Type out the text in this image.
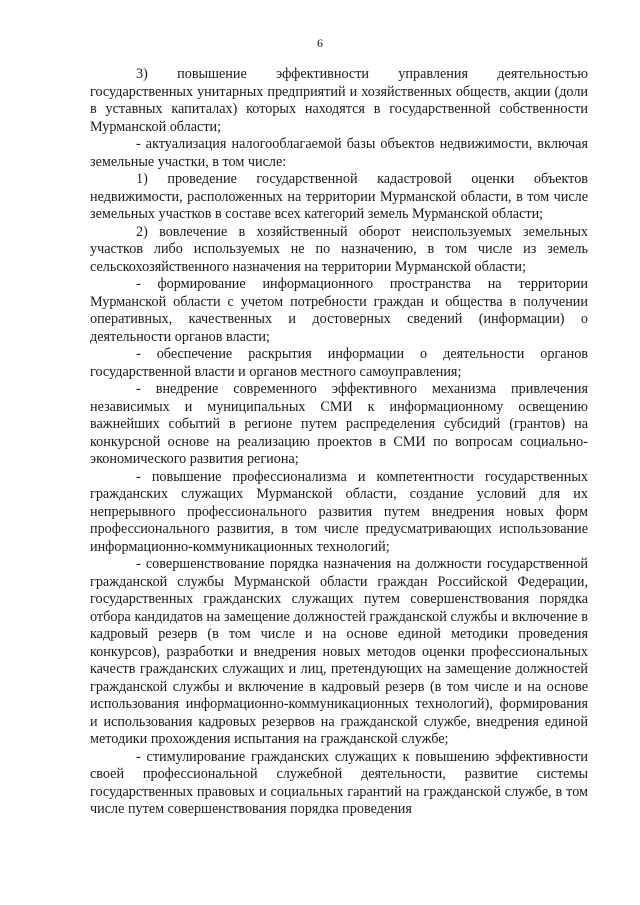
6

3) повышение эффективности управления деятельностью государственных унитарных предприятий и хозяйственных обществ, акции (доли в уставных капиталах) которых находятся в государственной собственности Мурманской области;

- актуализация налогооблагаемой базы объектов недвижимости, включая земельные участки, в том числе:

1) проведение государственной кадастровой оценки объектов недвижимости, расположенных на территории Мурманской области, в том числе земельных участков в составе всех категорий земель Мурманской области;

2) вовлечение в хозяйственный оборот неиспользуемых земельных участков либо используемых не по назначению, в том числе из земель сельскохозяйственного назначения на территории Мурманской области;

- формирование информационного пространства на территории Мурманской области с учетом потребности граждан и общества в получении оперативных, качественных и достоверных сведений (информации) о деятельности органов власти;

- обеспечение раскрытия информации о деятельности органов государственной власти и органов местного самоуправления;

- внедрение современного эффективного механизма привлечения независимых и муниципальных СМИ к информационному освещению важнейших событий в регионе путем распределения субсидий (грантов) на конкурсной основе на реализацию проектов в СМИ по вопросам социально-экономического развития региона;

- повышение профессионализма и компетентности государственных гражданских служащих Мурманской области, создание условий для их непрерывного профессионального развития путем внедрения новых форм профессионального развития, в том числе предусматривающих использование информационно-коммуникационных технологий;

- совершенствование порядка назначения на должности государственной гражданской службы Мурманской области граждан Российской Федерации, государственных гражданских служащих путем совершенствования порядка отбора кандидатов на замещение должностей гражданской службы и включение в кадровый резерв (в том числе и на основе единой методики проведения конкурсов), разработки и внедрения новых методов оценки профессиональных качеств гражданских служащих и лиц, претендующих на замещение должностей гражданской службы и включение в кадровый резерв (в том числе и на основе использования информационно-коммуникационных технологий), формирования и использования кадровых резервов на гражданской службе, внедрения единой методики прохождения испытания на гражданской службе;

- стимулирование гражданских служащих к повышению эффективности своей профессиональной служебной деятельности, развитие системы государственных правовых и социальных гарантий на гражданской службе, в том числе путем совершенствования порядка проведения
